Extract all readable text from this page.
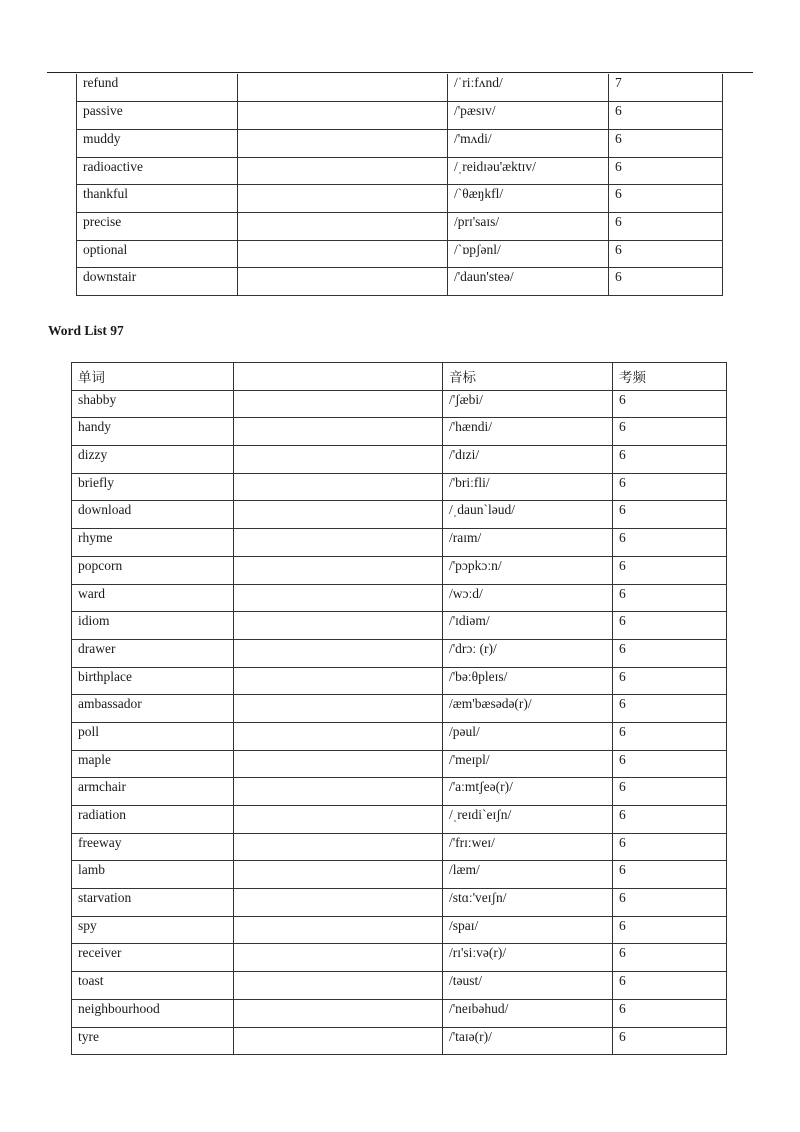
refund		/ˈriːfʌnd/	7
passive		/'pæsɪv/	6
muddy		/'mʌdi/	6
radioactive		/ˌreidɪəu'æktɪv/	6
thankful		/ˋθæŋkfl/	6
precise		/prɪ'saɪs/	6
optional		/ˋɒpʃənl/	6
downstair		/'daun'steə/	6
Word List 97
单词		音标	考频
shabby		/'ʃæbi/	6
handy		/'hændi/	6
dizzy		/'dɪzi/	6
briefly		/'briːfli/	6
download		/ˌdaunˋləud/	6
rhyme		/raɪm/	6
popcorn		/'pɔpkɔːn/	6
ward		/wɔːd/	6
idiom		/'ɪdiəm/	6
drawer		/'drɔː (r)/	6
birthplace		/'bəːθpleɪs/	6
ambassador		/æm'bæsədə(r)/	6
poll		/pəul/	6
maple		/'meɪpl/	6
armchair		/'aːmtʃeə(r)/	6
radiation		/ˌreɪdiˋeɪʃn/	6
freeway		/'frɪːweɪ/	6
lamb		/læm/	6
starvation		/stɑː'veɪʃn/	6
spy		/spaɪ/	6
receiver		/rɪ'siːvə(r)/	6
toast		/təust/	6
neighbourhood		/'neɪbəhud/	6
tyre		/'taɪə(r)/	6
